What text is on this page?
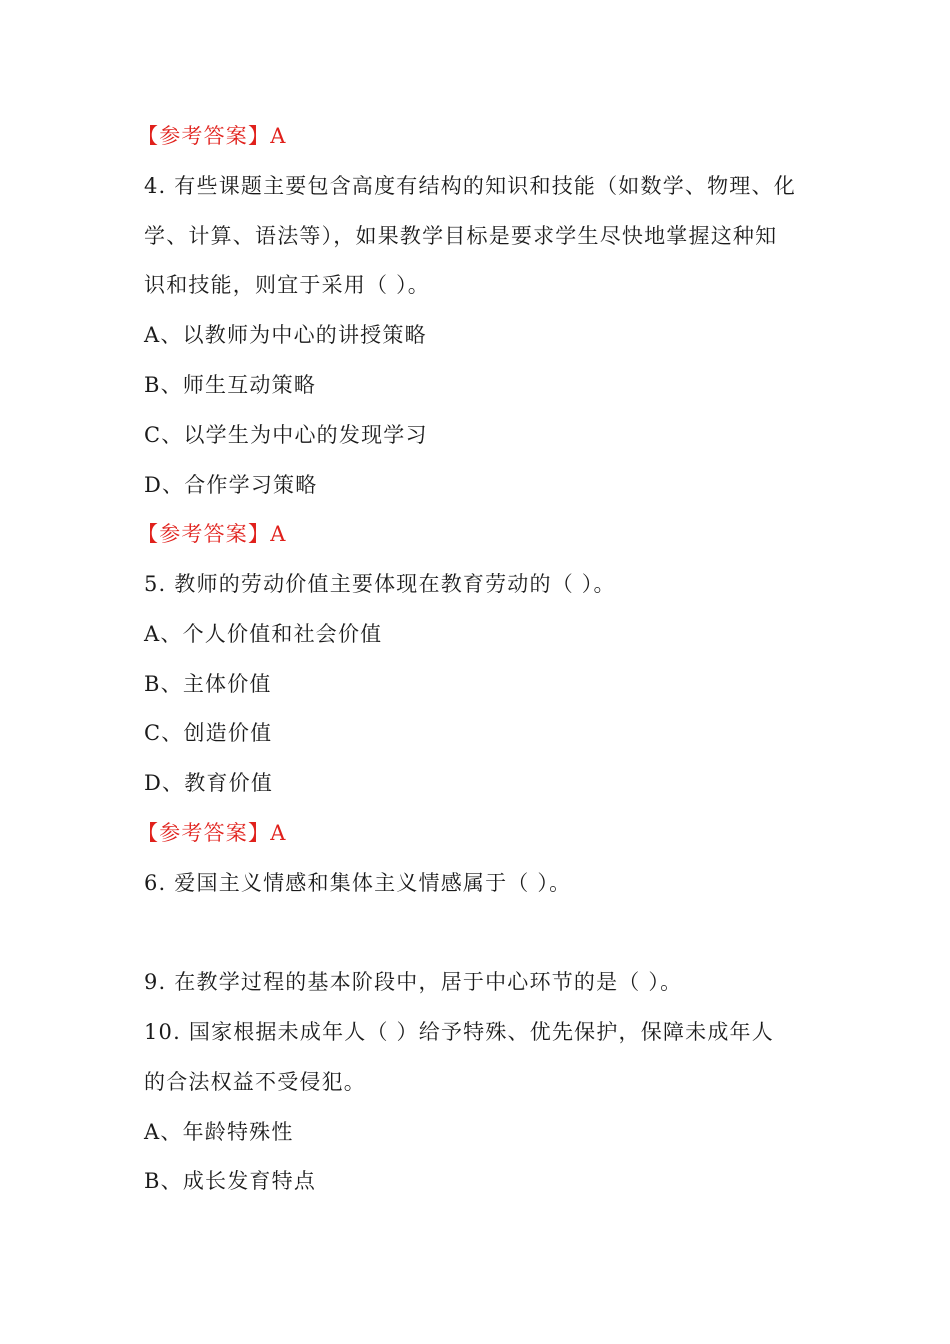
【参考答案】A
4. 有些课题主要包含高度有结构的知识和技能（如数学、物理、化
学、计算、语法等），如果教学目标是要求学生尽快地掌握这种知
识和技能，则宜于采用（ ）。
A、以教师为中心的讲授策略
B、师生互动策略
C、以学生为中心的发现学习
D、合作学习策略
【参考答案】A
5. 教师的劳动价值主要体现在教育劳动的（ ）。
A、个人价值和社会价值
B、主体价值
C、创造价值
D、教育价值
【参考答案】A
6. 爱国主义情感和集体主义情感属于（ ）。
9. 在教学过程的基本阶段中，居于中心环节的是（ ）。
10. 国家根据未成年人（ ）给予特殊、优先保护，保障未成年人
的合法权益不受侵犯。
A、年龄特殊性
B、成长发育特点
